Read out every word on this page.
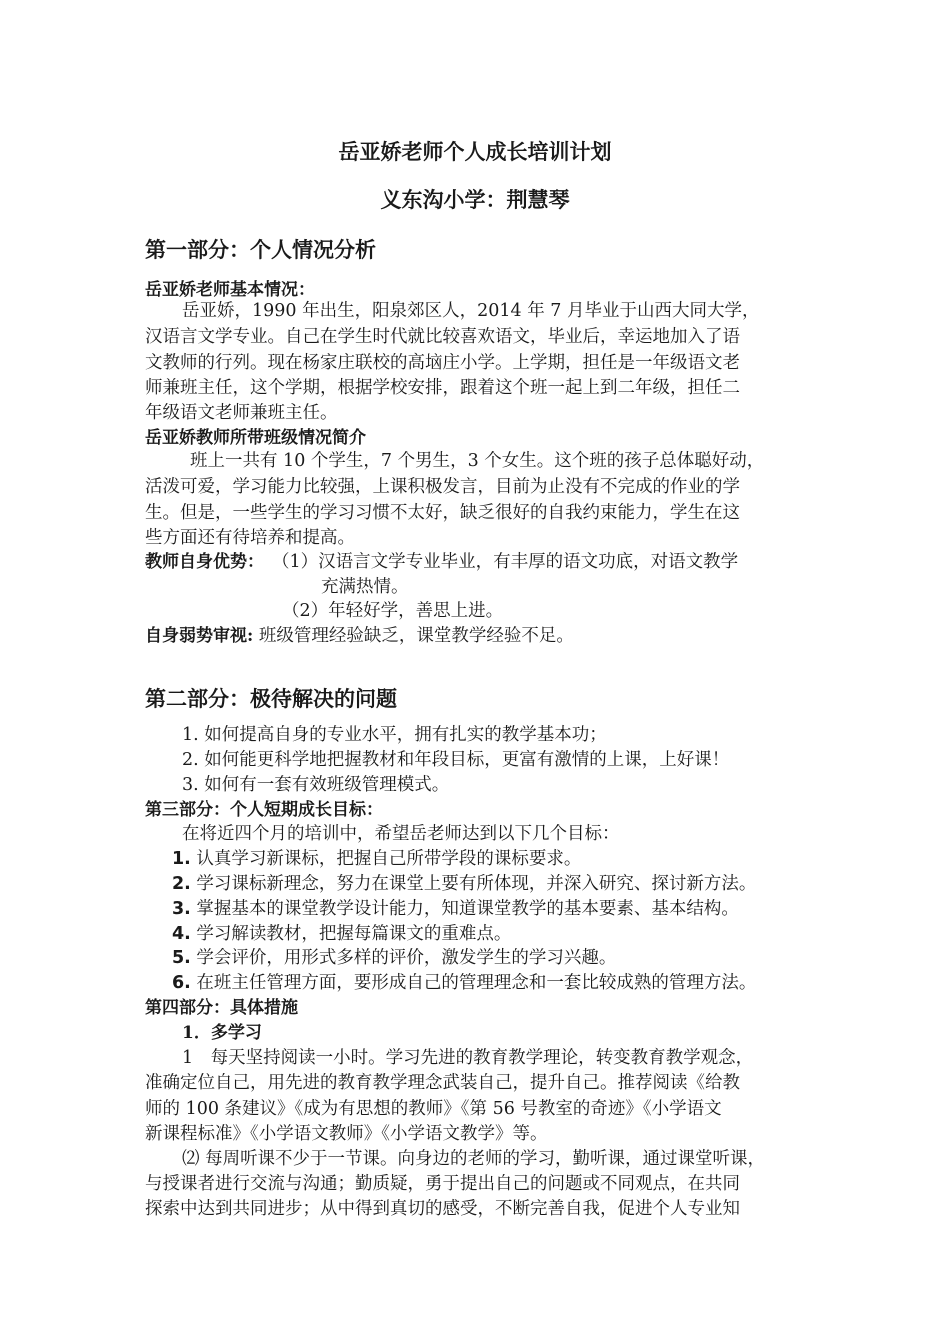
岳亚娇老师个人成长培训计划
义东沟小学：荆慧琴
第一部分：个人情况分析
岳亚娇老师基本情况：
岳亚娇，1990 年出生，阳泉郊区人，2014 年 7 月毕业于山西大同大学，
汉语言文学专业。自己在学生时代就比较喜欢语文，毕业后，幸运地加入了语
文教师的行列。现在杨家庄联校的高垴庄小学。上学期，担任是一年级语文老
师兼班主任，这个学期，根据学校安排，跟着这个班一起上到二年级，担任二
年级语文老师兼班主任。
岳亚娇教师所带班级情况简介
班上一共有 10 个学生，7 个男生，3 个女生。这个班的孩子总体聪好动，
活泼可爱，学习能力比较强，上课积极发言，目前为止没有不完成的作业的学
生。但是，一些学生的学习习惯不太好，缺乏很好的自我约束能力，学生在这
些方面还有待培养和提高。
教师自身优势： （1）汉语言文学专业毕业，有丰厚的语文功底，对语文教学
充满热情。
（2）年轻好学，善思上进。
自身弱势审视: 班级管理经验缺乏，课堂教学经验不足。
第二部分：极待解决的问题
1. 如何提高自身的专业水平，拥有扎实的教学基本功；
2. 如何能更科学地把握教材和年段目标，更富有激情的上课，上好课！
3. 如何有一套有效班级管理模式。
第三部分：个人短期成长目标：
在将近四个月的培训中，希望岳老师达到以下几个目标：
1. 认真学习新课标，把握自己所带学段的课标要求。
2. 学习课标新理念，努力在课堂上要有所体现，并深入研究、探讨新方法。
3. 掌握基本的课堂教学设计能力，知道课堂教学的基本要素、基本结构。
4. 学习解读教材，把握每篇课文的重难点。
5. 学会评价，用形式多样的评价，激发学生的学习兴趣。
6. 在班主任管理方面，要形成自己的管理理念和一套比较成熟的管理方法。
第四部分：具体措施
1．多学习
1　每天坚持阅读一小时。学习先进的教育教学理论，转变教育教学观念，
准确定位自己，用先进的教育教学理念武装自己，提升自己。推荐阅读《给教
师的 100 条建议》《成为有思想的教师》《第 56 号教室的奇迹》《小学语文
新课程标准》《小学语文教师》《小学语文教学》等。
⑵ 每周听课不少于一节课。向身边的老师的学习，勤听课，通过课堂听课，
与授课者进行交流与沟通；勤质疑，勇于提出自己的问题或不同观点，在共同
探索中达到共同进步；从中得到真切的感受，不断完善自我，促进个人专业知
